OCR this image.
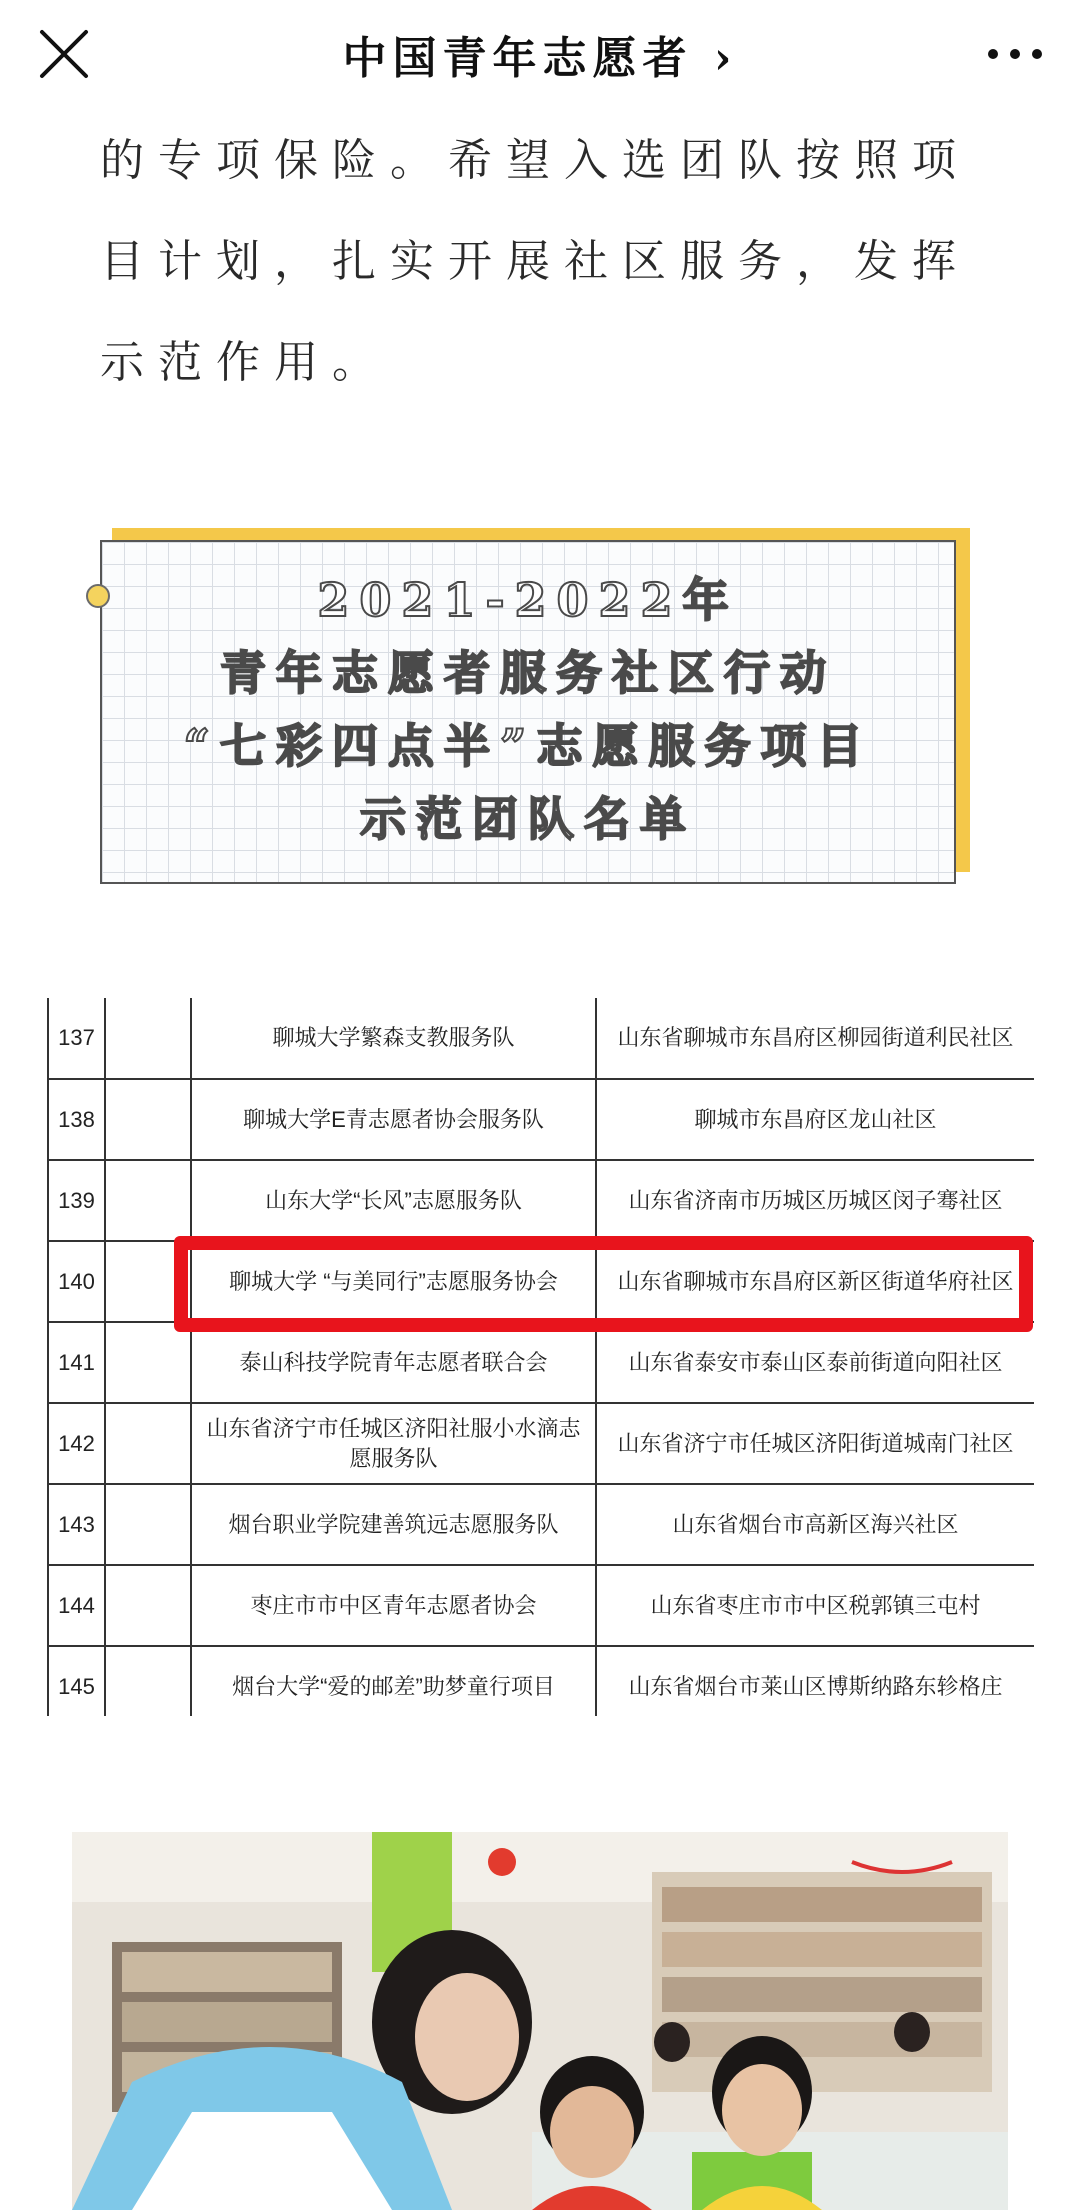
中国青年志愿者 ›
的专项保险。希望入选团队按照项
目计划，扎实开展社区服务，发挥
示范作用。
2021-2022年
青年志愿者服务社区行动
“七彩四点半”志愿服务项目
示范团队名单
137		聊城大学繁森支教服务队	山东省聊城市东昌府区柳园街道利民社区
138		聊城大学E青志愿者协会服务队	聊城市东昌府区龙山社区
139		山东大学“长风”志愿服务队	山东省济南市历城区历城区闵子骞社区
140		聊城大学 “与美同行”志愿服务协会	山东省聊城市东昌府区新区街道华府社区
141		泰山科技学院青年志愿者联合会	山东省泰安市泰山区泰前街道向阳社区
142		山东省济宁市任城区济阳社服小水滴志愿服务队	山东省济宁市任城区济阳街道城南门社区
143		烟台职业学院建善筑远志愿服务队	山东省烟台市高新区海兴社区
144		枣庄市市中区青年志愿者协会	山东省枣庄市市中区税郭镇三屯村
145		烟台大学“爱的邮差”助梦童行项目	山东省烟台市莱山区博斯纳路东轸格庄
